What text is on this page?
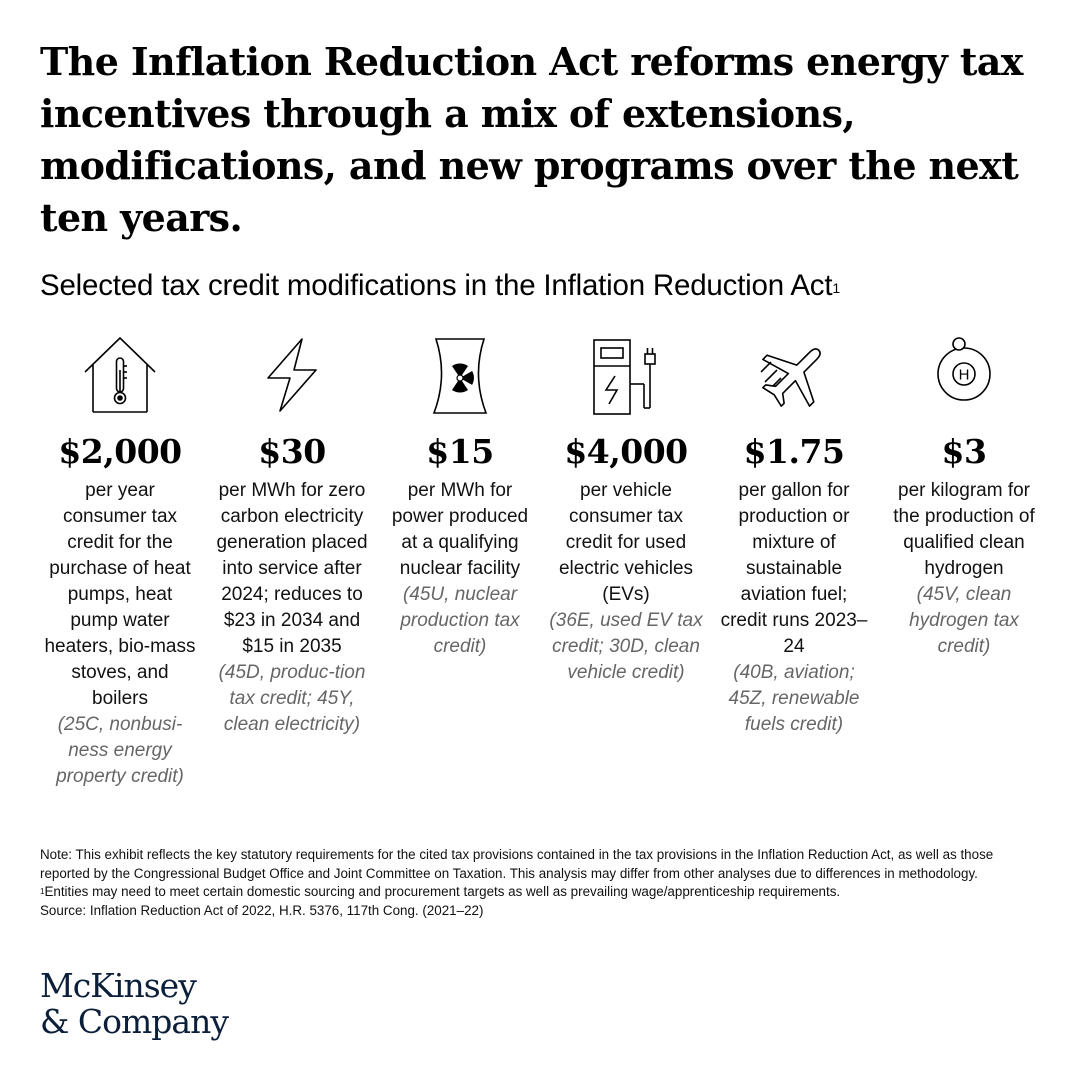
The Inflation Reduction Act reforms energy tax incentives through a mix of extensions, modifications, and new programs over the next ten years.
Selected tax credit modifications in the Inflation Reduction Act$^1$
$2,000
per year consumer tax credit for the purchase of heat pumps, heat pump water heaters, bio-mass stoves, and boilers
(25C, nonbusi-ness energy property credit)
$30
per MWh for zero carbon electricity generation placed into service after 2024; reduces to $23 in 2034 and $15 in 2035
(45D, produc-tion tax credit; 45Y, clean electricity)
$15
per MWh for power produced at a qualifying nuclear facility
(45U, nuclear production tax credit)
$4,000
per vehicle consumer tax credit for used electric vehicles (EVs)
(36E, used EV tax credit; 30D, clean vehicle credit)
$1.75
per gallon for production or mixture of sustainable aviation fuel; credit runs 2023–24
(40B, aviation; 45Z, renewable fuels credit)
H
$3
per kilogram for the production of qualified clean hydrogen
(45V, clean hydrogen tax credit)

Note: This exhibit reflects the key statutory requirements for the cited tax provisions contained in the tax provisions in the Inflation Reduction Act, as well as those reported by the Congressional Budget Office and Joint Committee on Taxation. This analysis may differ from other analyses due to differences in methodology.

$^1$Entities may need to meet certain domestic sourcing and procurement targets as well as prevailing wage/apprenticeship requirements.

Source: Inflation Reduction Act of 2022, H.R. 5376, 117th Cong. (2021–22)

McKinsey
& Company
